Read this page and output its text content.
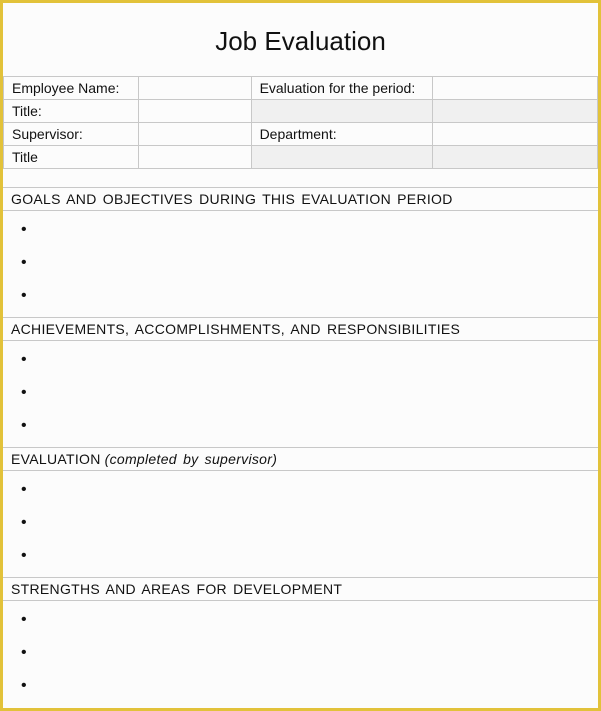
Job Evaluation
Employee Name:		Evaluation for the period:	
Title:			
Supervisor:		Department:	
Title			
GOALS AND OBJECTIVES DURING THIS EVALUATION PERIOD
•
•
•
ACHIEVEMENTS, ACCOMPLISHMENTS, AND RESPONSIBILITIES
•
•
•
EVALUATION (completed by supervisor)
•
•
•
STRENGTHS AND AREAS FOR DEVELOPMENT
•
•
•
